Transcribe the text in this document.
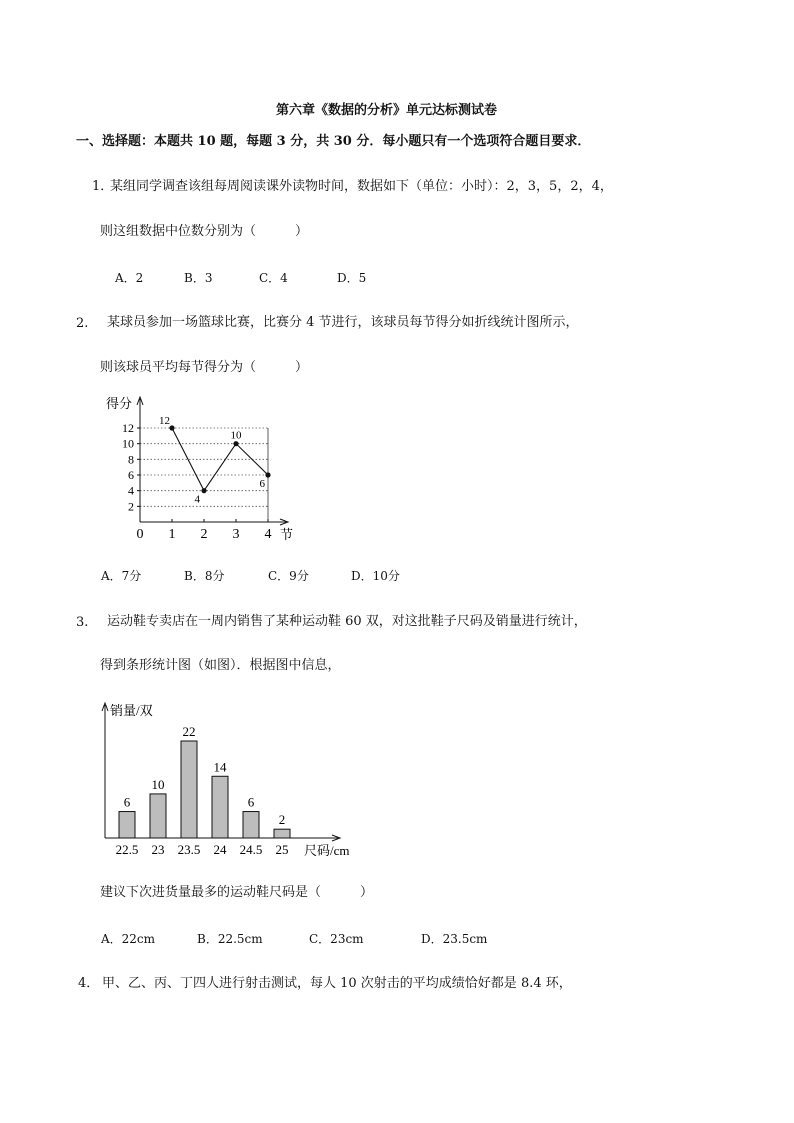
第六章《数据的分析》单元达标测试卷
一、选择题：本题共 10 题，每题 3 分，共 30 分．每小题只有一个选项符合题目要求．
1．
某组同学调查该组每周阅读课外读物时间，数据如下（单位：小时）：2，3，5，2，4，
则这组数据中位数分别为（　　　）
A．2	B．3	C．4	D．5
2. 某球员参加一场篮球比赛，比赛分 4 节进行，该球员每节得分如折线统计图所示，
则该球员平均每节得分为（　　　）
得分
节
2
4
6
8
10
12
0 1 2 3 4
12
4
10
6
A．7分	B．8分	C．9分	D．10分
3. 运动鞋专卖店在一周内销售了某种运动鞋 60 双，对这批鞋子尺码及销量进行统计，
得到条形统计图（如图）．根据图中信息，
销量/双
尺码/cm
6
22.5
10
23
22
23.5
14
24
6
24.5
2
25
建议下次进货量最多的运动鞋尺码是（　　　）
A．22cm	B．22.5cm	C．23cm	D．23.5cm
4． 甲、乙、丙、丁四人进行射击测试，每人 10 次射击的平均成绩恰好都是 8.4 环，
